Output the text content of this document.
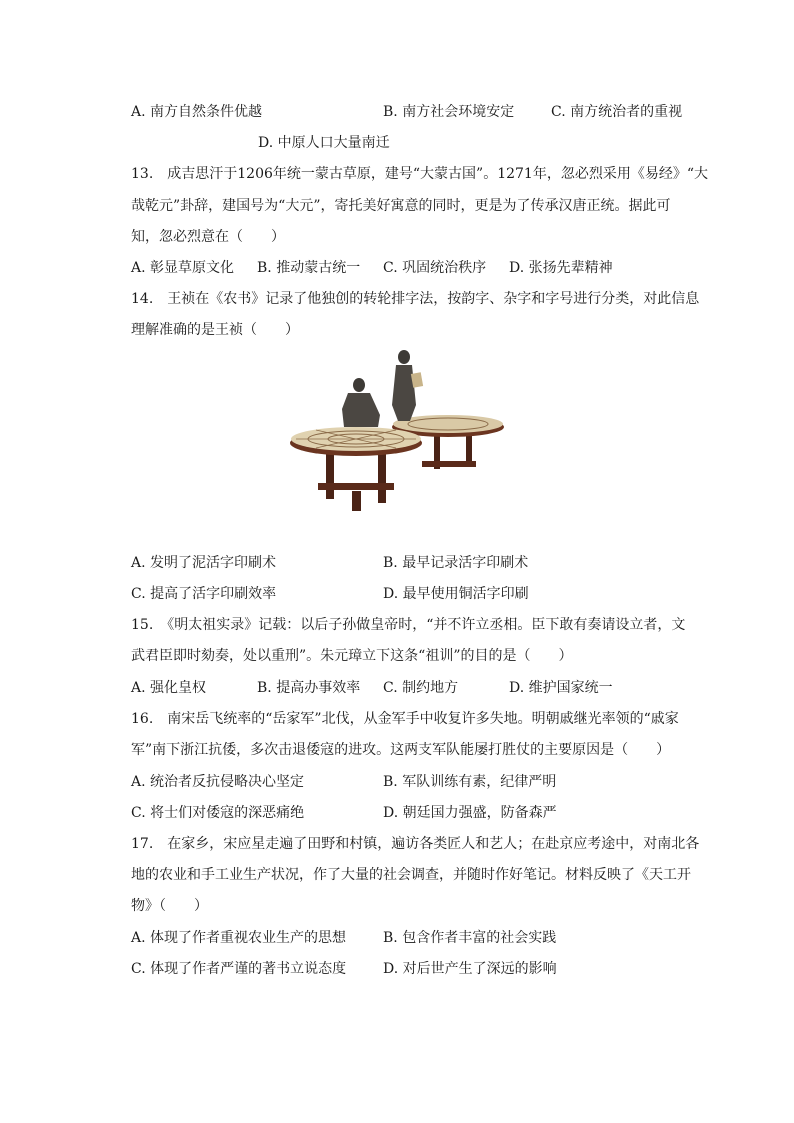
A. 南方自然条件优越	B. 南方社会环境安定	C. 南方统治者的重视
D. 中原人口大量南迁
13.　成吉思汗于1206年统一蒙古草原，建号“大蒙古国”。1271年，忽必烈采用《易经》“大
哉乾元”卦辞，建国号为“大元”，寄托美好寓意的同时，更是为了传承汉唐正统。据此可
知，忽必烈意在（　　）
A. 彰显草原文化 B. 推动蒙古统一 C. 巩固统治秩序 D. 张扬先辈精神
14.　王祯在《农书》记录了他独创的转轮排字法，按韵字、杂字和字号进行分类，对此信息
理解准确的是王祯（　　）
A. 发明了泥活字印刷术	B. 最早记录活字印刷术
C. 提高了活字印刷效率	D. 最早使用铜活字印刷
15.　《明太祖实录》记载：以后子孙做皇帝时，“并不许立丞相。臣下敢有奏请设立者，文
武君臣即时劾奏，处以重刑”。朱元璋立下这条“祖训”的目的是（　　）
A. 强化皇权	B. 提高办事效率 C. 制约地方	D. 维护国家统一
16.　南宋岳飞统率的“岳家军”北伐，从金军手中收复许多失地。明朝戚继光率领的“戚家
军”南下浙江抗倭，多次击退倭寇的进攻。这两支军队能屡打胜仗的主要原因是（　　）
A. 统治者反抗侵略决心坚定	B. 军队训练有素，纪律严明
C. 将士们对倭寇的深恶痛绝	D. 朝廷国力强盛，防备森严
17.　在家乡，宋应星走遍了田野和村镇，遍访各类匠人和艺人；在赴京应考途中，对南北各
地的农业和手工业生产状况，作了大量的社会调查，并随时作好笔记。材料反映了《天工开
物》（　　）
A. 体现了作者重视农业生产的思想	B. 包含作者丰富的社会实践
C. 体现了作者严谨的著书立说态度	D. 对后世产生了深远的影响
